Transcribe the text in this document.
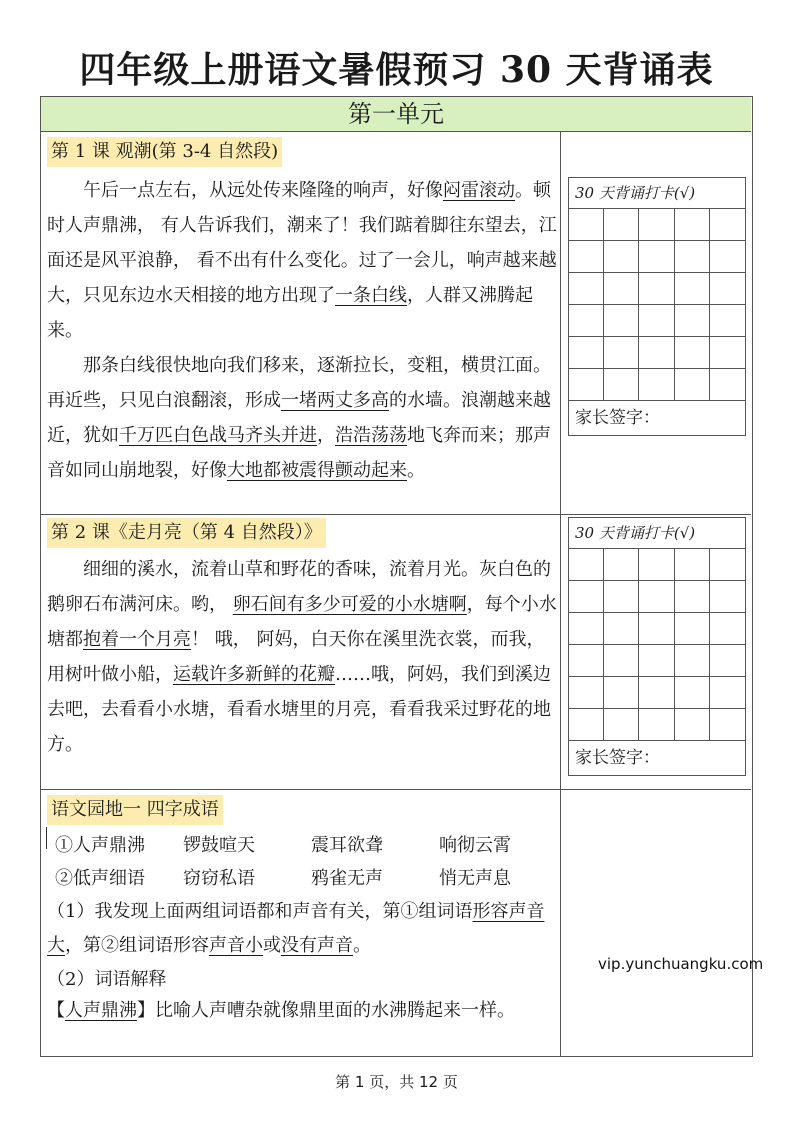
四年级上册语文暑假预习 30 天背诵表
第一单元
第 1 课 观潮(第 3-4 自然段)
午后一点左右，从远处传来隆隆的响声，好像闷雷滚动。顿时人声鼎沸， 有人告诉我们，潮来了！我们踮着脚往东望去，江面还是风平浪静， 看不出有什么变化。过了一会儿，响声越来越大，只见东边水天相接的地方出现了一条白线，人群又沸腾起来。
那条白线很快地向我们移来，逐渐拉长，变粗，横贯江面。再近些，只见白浪翻滚，形成一堵两丈多高的水墙。浪潮越来越近，犹如千万匹白色战马齐头并进，浩浩荡荡地飞奔而来；那声音如同山崩地裂，好像大地都被震得颤动起来。
30 天背诵打卡(√)
家长签字：
第 2 课《走月亮（第 4 自然段）》
细细的溪水，流着山草和野花的香味，流着月光。灰白色的鹅卵石布满河床。哟， 卵石间有多少可爱的小水塘啊，每个小水塘都抱着一个月亮！ 哦， 阿妈，白天你在溪里洗衣裳，而我，用树叶做小船，运载许多新鲜的花瓣……哦，阿妈，我们到溪边去吧，去看看小水塘，看看水塘里的月亮，看看我采过野花的地方。
30 天背诵打卡(√)
家长签字：
语文园地一 四字成语
①人声鼎沸 锣鼓喧天	震耳欲聋	响彻云霄
②低声细语 窃窃私语	鸦雀无声	悄无声息
（1）我发现上面两组词语都和声音有关，第①组词语形容声音大，第②组词语形容声音小或没有声音。
（2）词语解释
【人声鼎沸】比喻人声嘈杂就像鼎里面的水沸腾起来一样。
vip.yunchuangku.com
第 1 页，共 12 页
